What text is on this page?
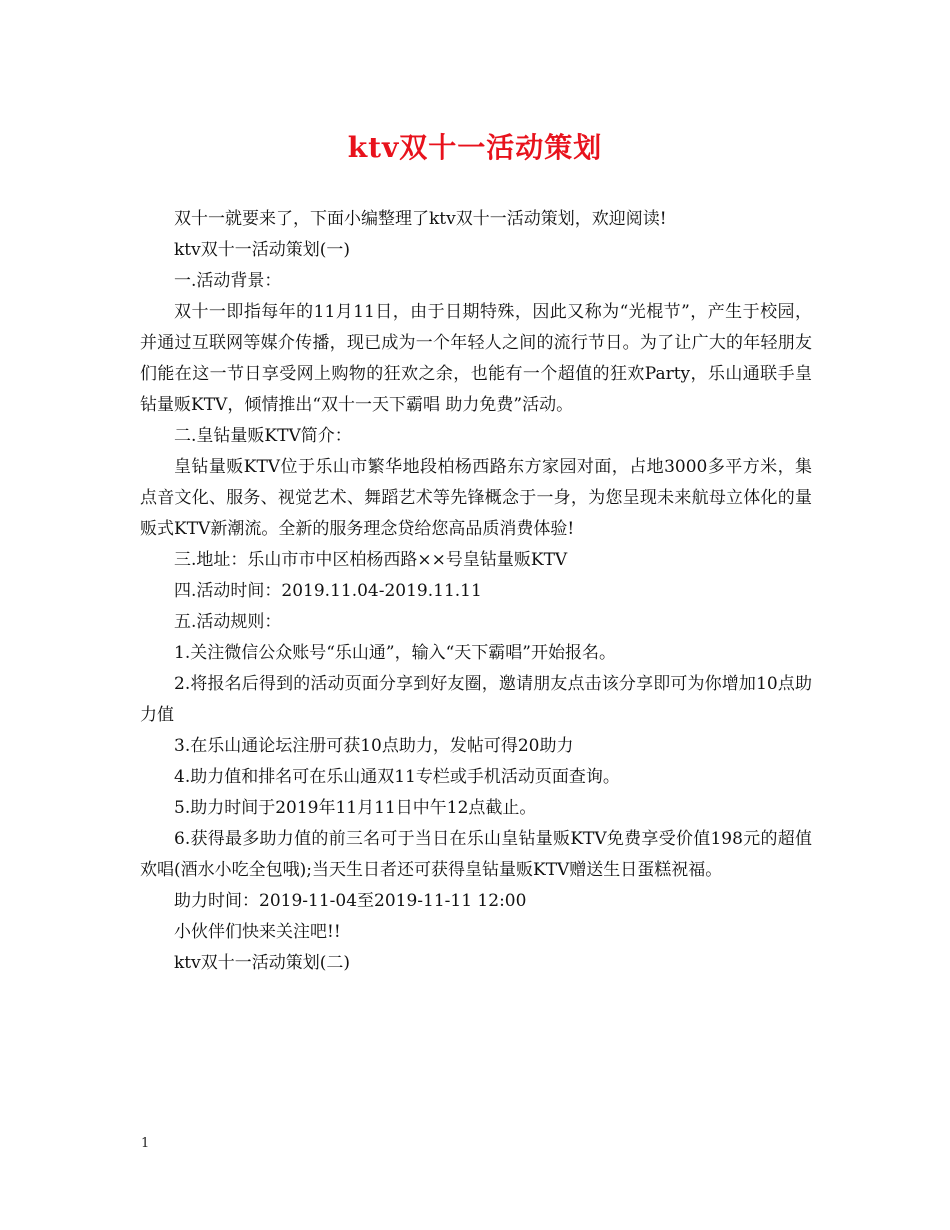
ktv双十一活动策划

双十一就要来了，下面小编整理了ktv双十一活动策划，欢迎阅读!

ktv双十一活动策划(一)

一.活动背景：

双十一即指每年的11月11日，由于日期特殊，因此又称为“光棍节”，产生于校园，并通过互联网等媒介传播，现已成为一个年轻人之间的流行节日。为了让广大的年轻朋友们能在这一节日享受网上购物的狂欢之余，也能有一个超值的狂欢Party，乐山通联手皇钻量贩KTV，倾情推出“双十一天下霸唱 助力免费”活动。

二.皇钻量贩KTV简介：

皇钻量贩KTV位于乐山市繁华地段柏杨西路东方家园对面，占地3000多平方米，集点音文化、服务、视觉艺术、舞蹈艺术等先锋概念于一身，为您呈现未来航母立体化的量贩式KTV新潮流。全新的服务理念贷给您高品质消费体验!

三.地址：乐山市市中区柏杨西路××号皇钻量贩KTV

四.活动时间：2019.11.04-2019.11.11

五.活动规则：

1.关注微信公众账号“乐山通”，输入“天下霸唱”开始报名。

2.将报名后得到的活动页面分享到好友圈，邀请朋友点击该分享即可为你增加10点助力值

3.在乐山通论坛注册可获10点助力，发帖可得20助力

4.助力值和排名可在乐山通双11专栏或手机活动页面查询。

5.助力时间于2019年11月11日中午12点截止。

6.获得最多助力值的前三名可于当日在乐山皇钻量贩KTV免费享受价值198元的超值欢唱(酒水小吃全包哦);当天生日者还可获得皇钻量贩KTV赠送生日蛋糕祝福。

助力时间：2019-11-04至2019-11-11 12:00

小伙伴们快来关注吧!!

ktv双十一活动策划(二)

1
